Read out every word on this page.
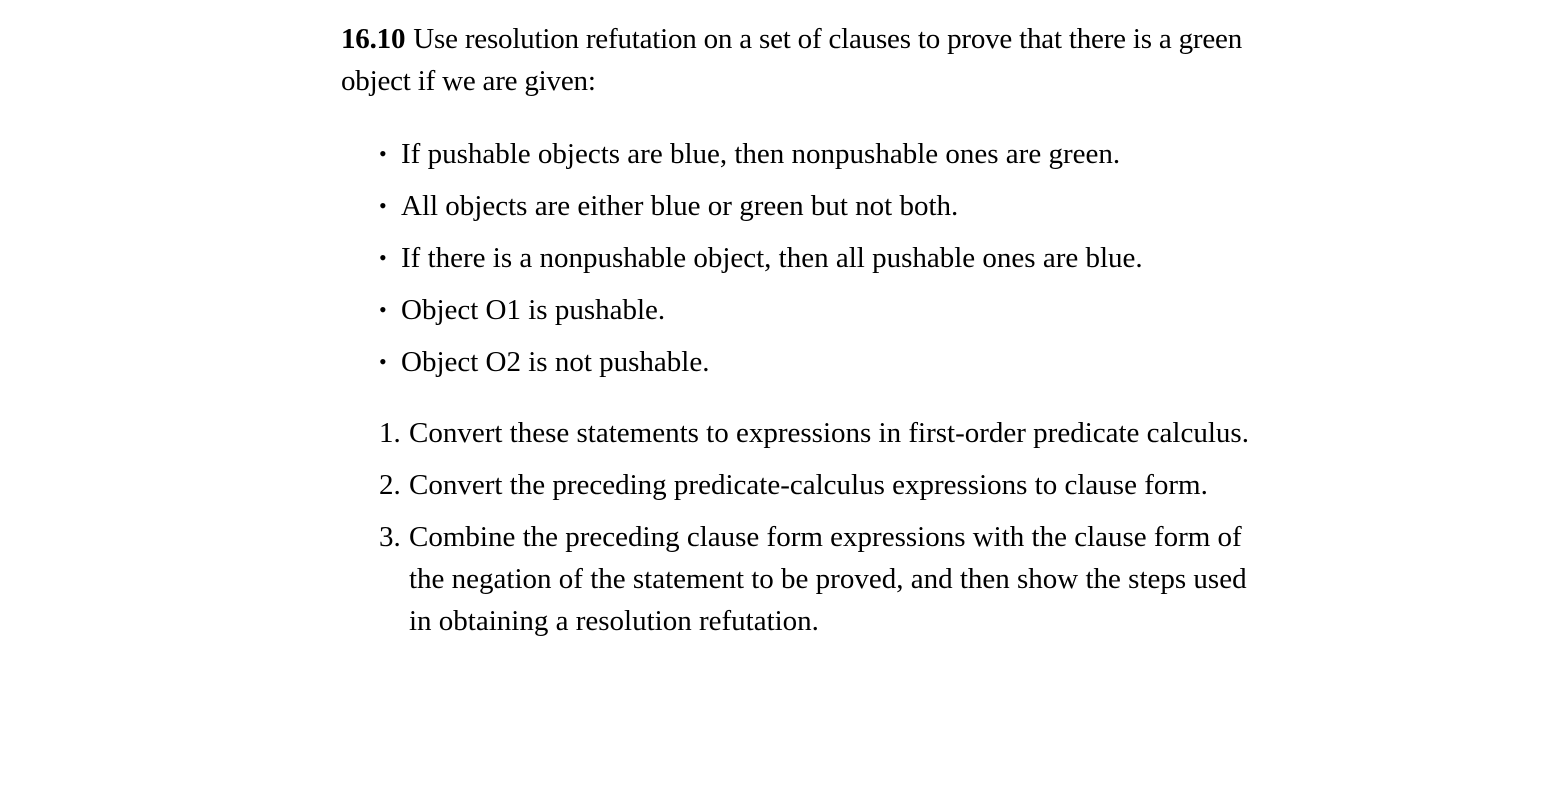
16.10 Use resolution refutation on a set of clauses to prove that there is a green object if we are given:

• If pushable objects are blue, then nonpushable ones are green.
• All objects are either blue or green but not both.
• If there is a nonpushable object, then all pushable ones are blue.
• Object O1 is pushable.
• Object O2 is not pushable.
1. Convert these statements to expressions in first-order predicate calculus.
2. Convert the preceding predicate-calculus expressions to clause form.
3. Combine the preceding clause form expressions with the clause form of the negation of the statement to be proved, and then show the steps used in obtaining a resolution refutation.
